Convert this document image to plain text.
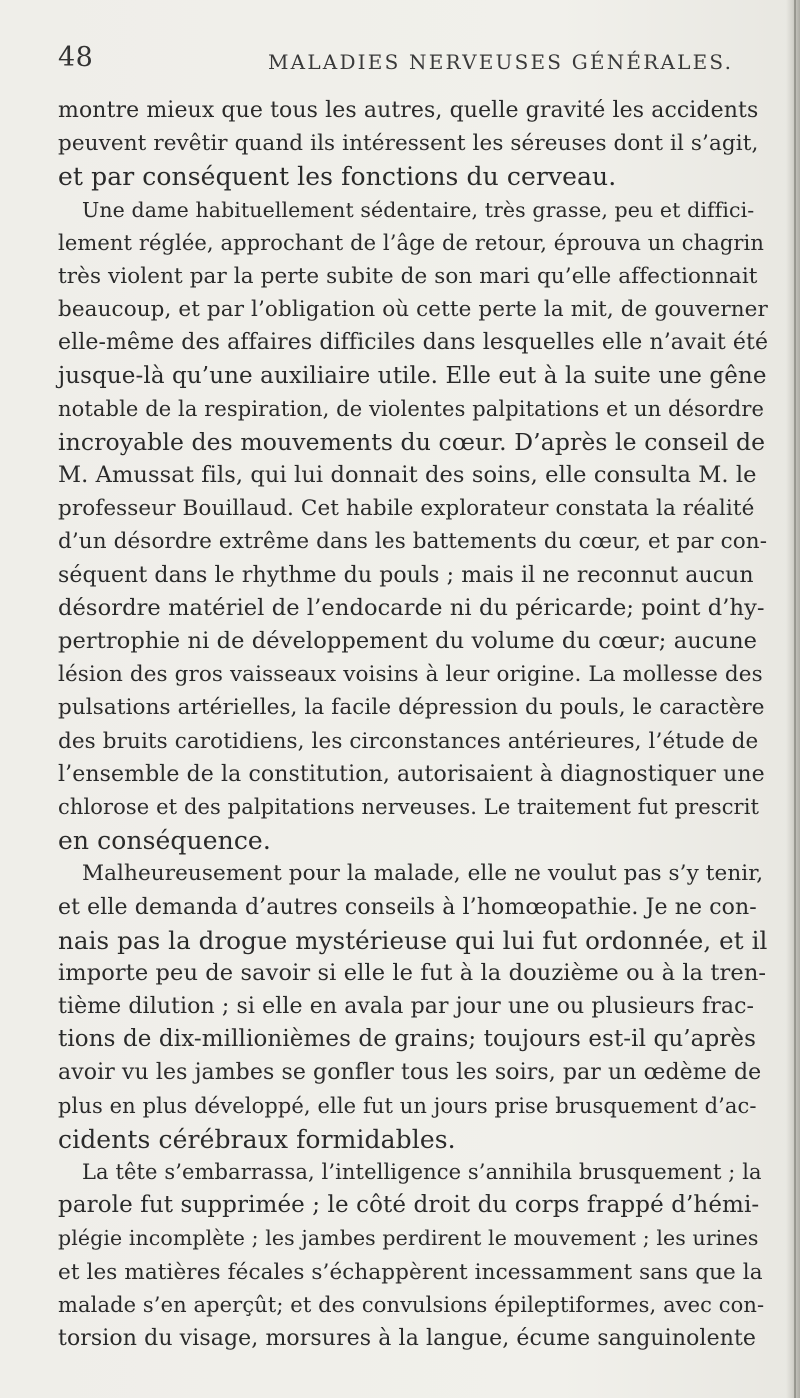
48	MALADIES NERVEUSES GÉNÉRALES.
montre mieux que tous les autres, quelle gravité les accidents
peuvent revêtir quand ils intéressent les séreuses dont il s’agit,
et par conséquent les fonctions du cerveau.
Une dame habituellement sédentaire, très grasse, peu et diffici-
lement réglée, approchant de l’âge de retour, éprouva un chagrin
très violent par la perte subite de son mari qu’elle affectionnait
beaucoup, et par l’obligation où cette perte la mit, de gouverner
elle-même des affaires difficiles dans lesquelles elle n’avait été
jusque-là qu’une auxiliaire utile. Elle eut à la suite une gêne
notable de la respiration, de violentes palpitations et un désordre
incroyable des mouvements du cœur. D’après le conseil de
M. Amussat fils, qui lui donnait des soins, elle consulta M. le
professeur Bouillaud. Cet habile explorateur constata la réalité
d’un désordre extrême dans les battements du cœur, et par con-
séquent dans le rhythme du pouls ; mais il ne reconnut aucun
désordre matériel de l’endocarde ni du péricarde; point d’hy-
pertrophie ni de développement du volume du cœur; aucune
lésion des gros vaisseaux voisins à leur origine. La mollesse des
pulsations artérielles, la facile dépression du pouls, le caractère
des bruits carotidiens, les circonstances antérieures, l’étude de
l’ensemble de la constitution, autorisaient à diagnostiquer une
chlorose et des palpitations nerveuses. Le traitement fut prescrit
en conséquence.
Malheureusement pour la malade, elle ne voulut pas s’y tenir,
et elle demanda d’autres conseils à l’homœopathie. Je ne con-
nais pas la drogue mystérieuse qui lui fut ordonnée, et il
importe peu de savoir si elle le fut à la douzième ou à la tren-
tième dilution ; si elle en avala par jour une ou plusieurs frac-
tions de dix-millionièmes de grains; toujours est-il qu’après
avoir vu les jambes se gonfler tous les soirs, par un œdème de
plus en plus développé, elle fut un jours prise brusquement d’ac-
cidents cérébraux formidables.
La tête s’embarrassa, l’intelligence s’annihila brusquement ; la
parole fut supprimée ; le côté droit du corps frappé d’hémi-
plégie incomplète ; les jambes perdirent le mouvement ; les urines
et les matières fécales s’échappèrent incessamment sans que la
malade s’en aperçût; et des convulsions épileptiformes, avec con-
torsion du visage, morsures à la langue, écume sanguinolente
